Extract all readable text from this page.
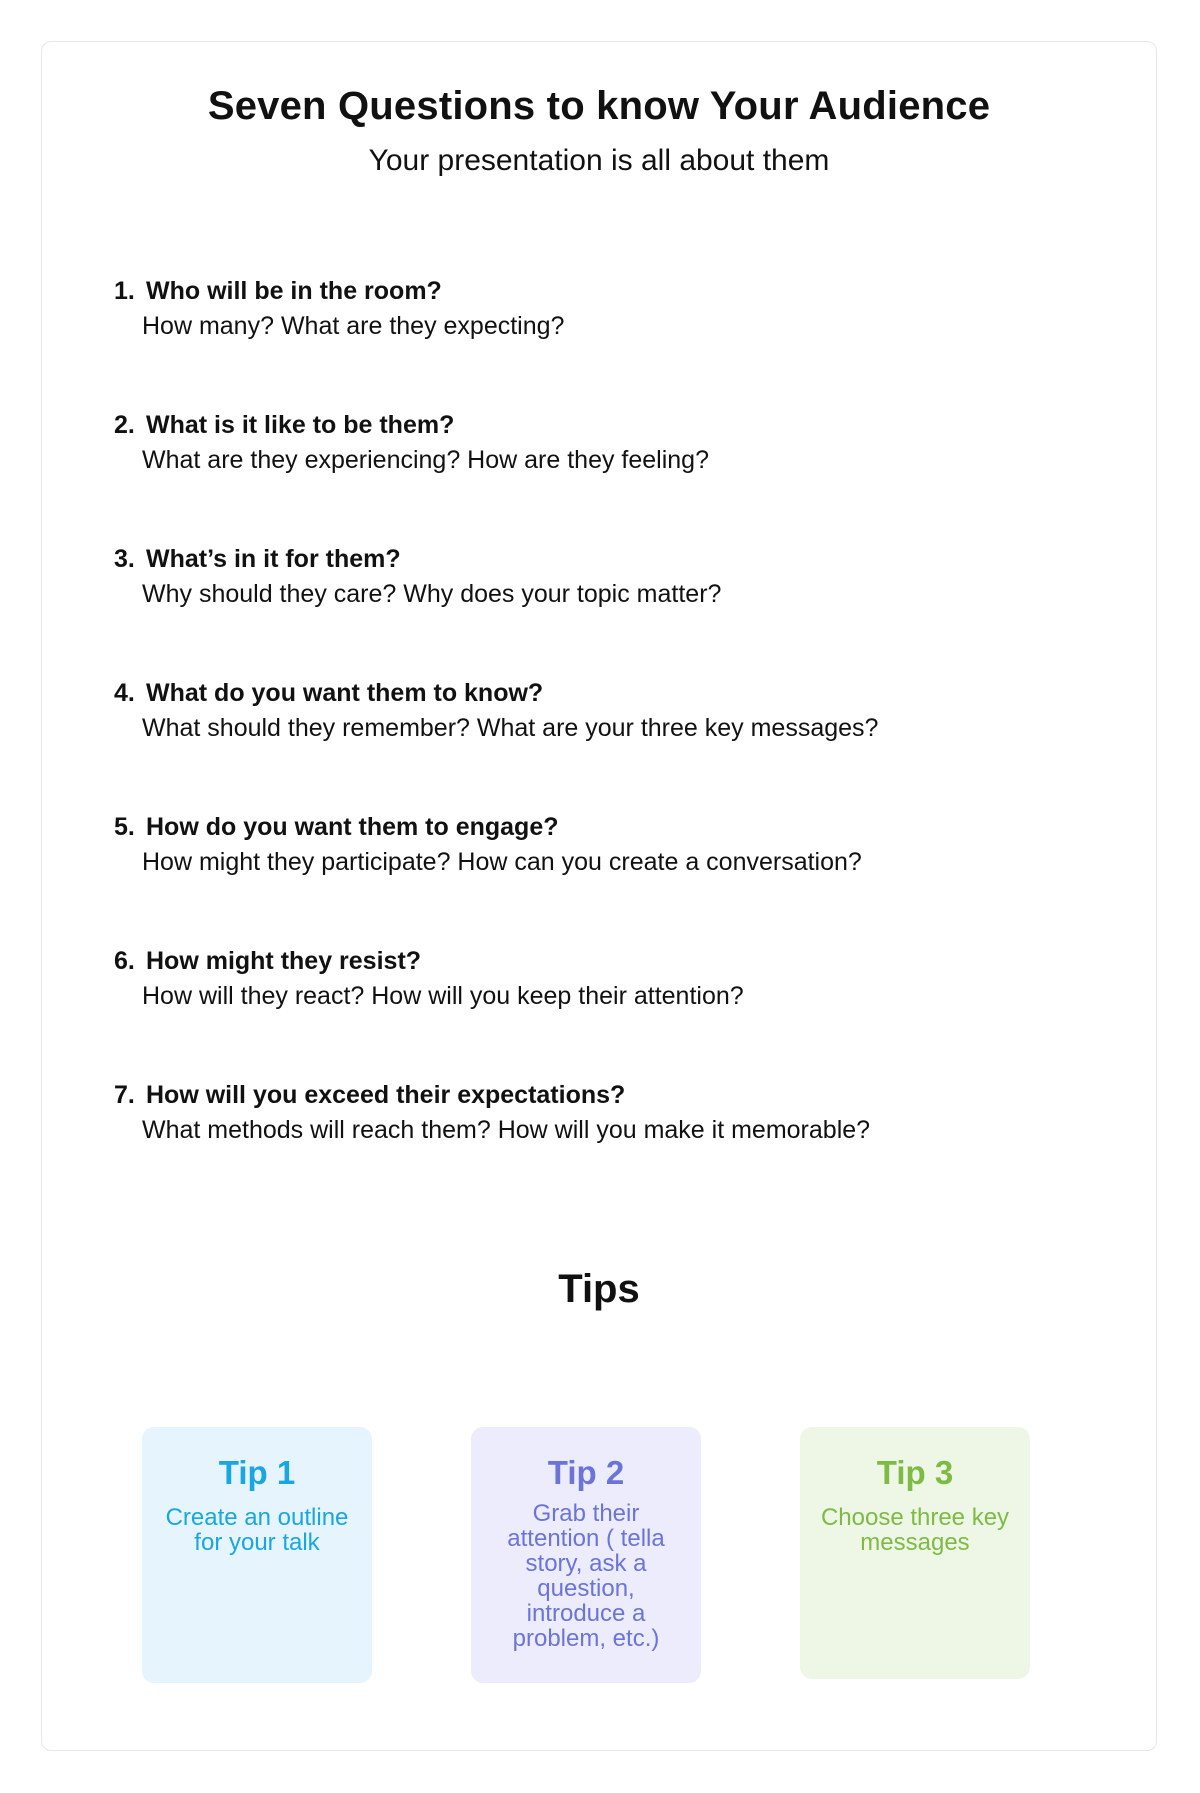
Seven Questions to know Your Audience
Your presentation is all about them
1. Who will be in the room?
How many? What are they expecting?
2. What is it like to be them?
What are they experiencing? How are they feeling?
3. What’s in it for them?
Why should they care? Why does your topic matter?
4. What do you want them to know?
What should they remember? What are your three key messages?
5. How do you want them to engage?
How might they participate? How can you create a conversation?
6. How might they resist?
How will they react? How will you keep their attention?
7. How will you exceed their expectations?
What methods will reach them? How will you make it memorable?
Tips
Tip 1
Create an outline for your talk
Tip 2
Grab their attention ( tella story, ask a question, introduce a problem, etc.)
Tip 3
Choose three key messages
